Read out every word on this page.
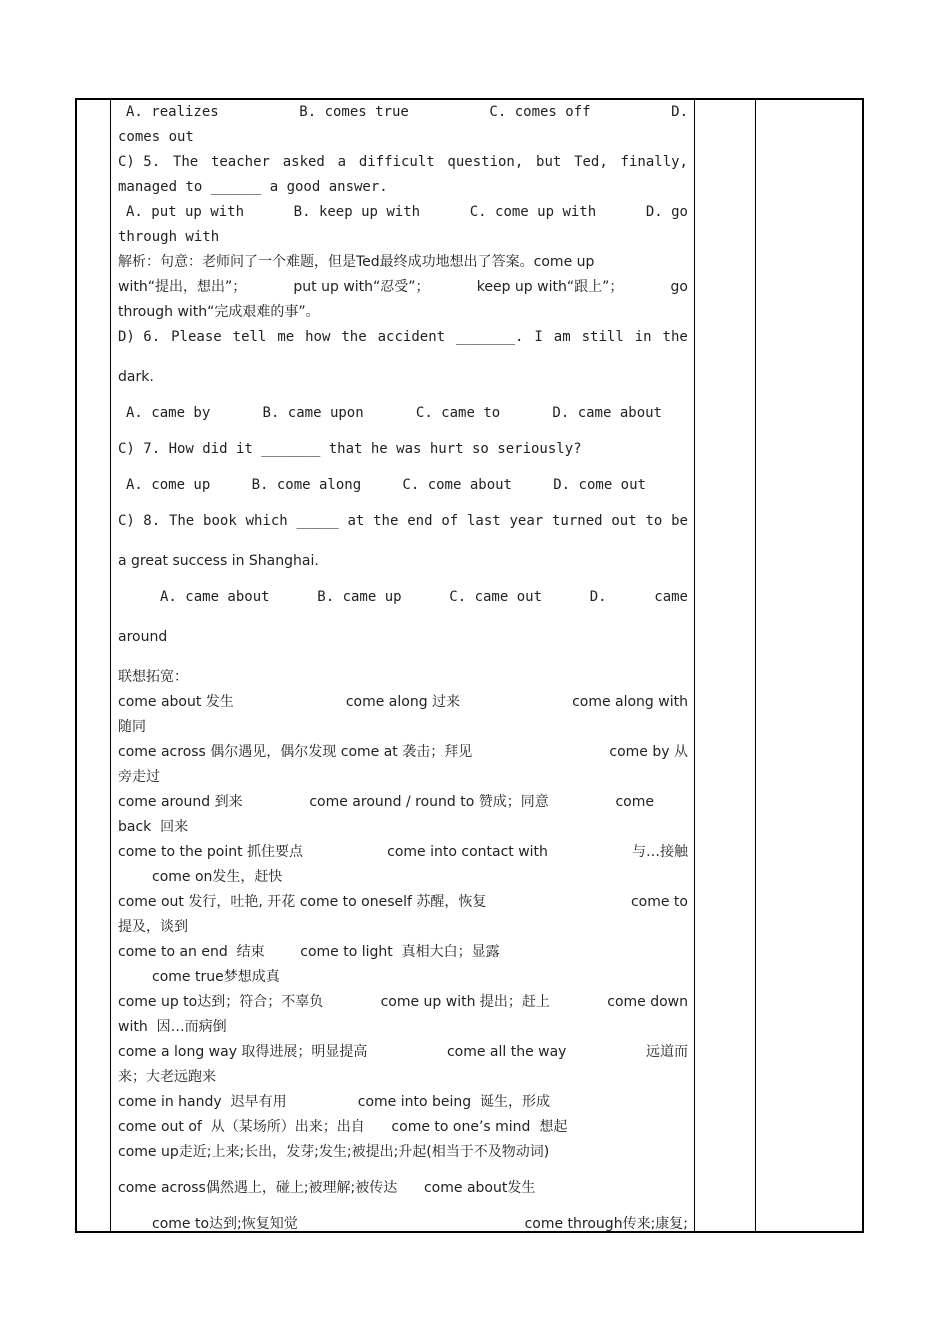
A. realizes	B. comes true	C. comes off	D.
comes out
C) 5. The teacher asked a difficult question, but Ted, finally,
managed to ______ a good answer.
A. put up with	B. keep up with	C. come up with	D. go
through with
解析：句意：老师问了一个难题，但是Ted最终成功地想出了答案。come up
with“提出，想出”；	put up with“忍受”；	keep up with“跟上”；	go
through with“完成艰难的事”。
D) 6. Please tell me how the accident _______. I am still in the
dark.
A. came by	B. came upon	C. came to	D. came about
C) 7. How did it _______ that he was hurt so seriously?
A. come up	B. come along	C. come about	D. come out
C) 8. The book which _____ at the end of last year turned out to be
a great success in Shanghai.
A. came about	B. came up	C. came out	D.	came
around
联想拓宽：
come about 发生	come along 过来	come along with
随同
come across 偶尔遇见，偶尔发现 come at 袭击；拜见	come by 从
旁走过
come around 到来	come around / round to 赞成；同意	come
back  回来
come to the point 抓住要点	come into contact with	与…接触
come on发生，赶快
come out 发行，吐艳, 开花 come to oneself 苏醒，恢复	come to
提及，谈到
come to an end  结束        come to light  真相大白；显露
come true梦想成真
come up to达到；符合；不辜负	come up with 提出；赶上	come down
with  因…而病倒
come a long way 取得进展；明显提高	come all the way	远道而
来；大老远跑来
come in handy  迟早有用                come into being  诞生，形成
come out of  从（某场所）出来；出自      come to one’s mind  想起
come up走近;上来;长出，发芽;发生;被提出;升起(相当于不及物动词)
come across偶然遇上，碰上;被理解;被传达      come about发生
come to达到;恢复知觉	come through传来;康复;
